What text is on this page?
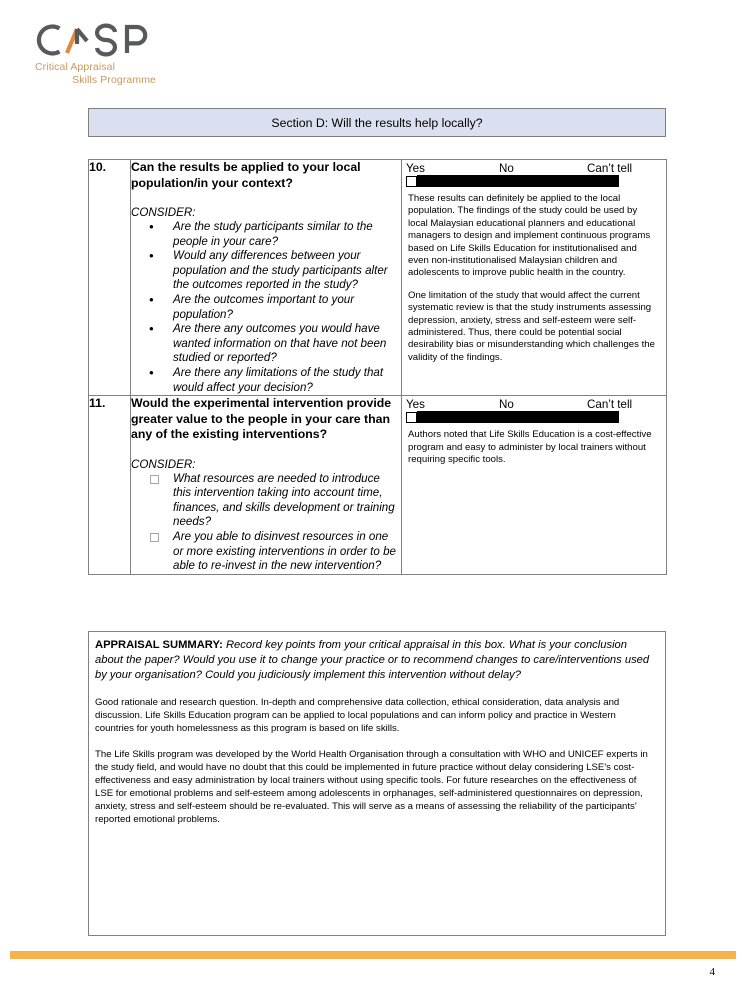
Critical Appraisal
Skills Programme
Section D: Will the results help locally?
10.	Can the results be applied to your local population/in your context?

CONSIDER:

• Are the study participants similar to the people in your care?
• Would any differences between your population and the study participants alter the outcomes reported in the study?
• Are the outcomes important to your population?
• Are there any outcomes you would have wanted information on that have not been studied or reported?
• Are there any limitations of the study that would affect your decision?

Yes	No	Can’t tell

These results can definitely be applied to the local population. The findings of the study could be used by local Malaysian educational planners and educational managers to design and implement continuous programs based on Life Skills Education for institutionalised and even non-institutionalised Malaysian children and adolescents to improve public health in the country.

One limitation of the study that would affect the current systematic review is that the study instruments assessing depression, anxiety, stress and self-esteem were self-administered. Thus, there could be potential social desirability bias or misunderstanding which challenges the validity of the findings.

11.	Would the experimental intervention provide greater value to the people in your care than any of the existing interventions?

CONSIDER:

What resources are needed to introduce this intervention taking into account time, finances, and skills development or training needs?
Are you able to disinvest resources in one or more existing interventions in order to be able to re-invest in the new intervention?

Yes	No	Can’t tell

Authors noted that Life Skills Education is a cost-effective program and easy to administer by local trainers without requiring specific tools.

APPRAISAL SUMMARY: Record key points from your critical appraisal in this box. What is your conclusion about the paper? Would you use it to change your practice or to recommend changes to care/interventions used by your organisation? Could you judiciously implement this intervention without delay?

Good rationale and research question. In-depth and comprehensive data collection, ethical consideration, data analysis and discussion. Life Skills Education program can be applied to local populations and can inform policy and practice in Western countries for youth homelessness as this program is based on life skills.

The Life Skills program was developed by the World Health Organisation through a consultation with WHO and UNICEF experts in the study field, and would have no doubt that this could be implemented in future practice without delay considering LSE's cost-effectiveness and easy administration by local trainers without using specific tools. For future researches on the effectiveness of LSE for emotional problems and self-esteem among adolescents in orphanages, self-administered questionnaires on depression, anxiety, stress and self-esteem should be re-evaluated. This will serve as a means of assessing the reliability of the participants' reported emotional problems.

4
